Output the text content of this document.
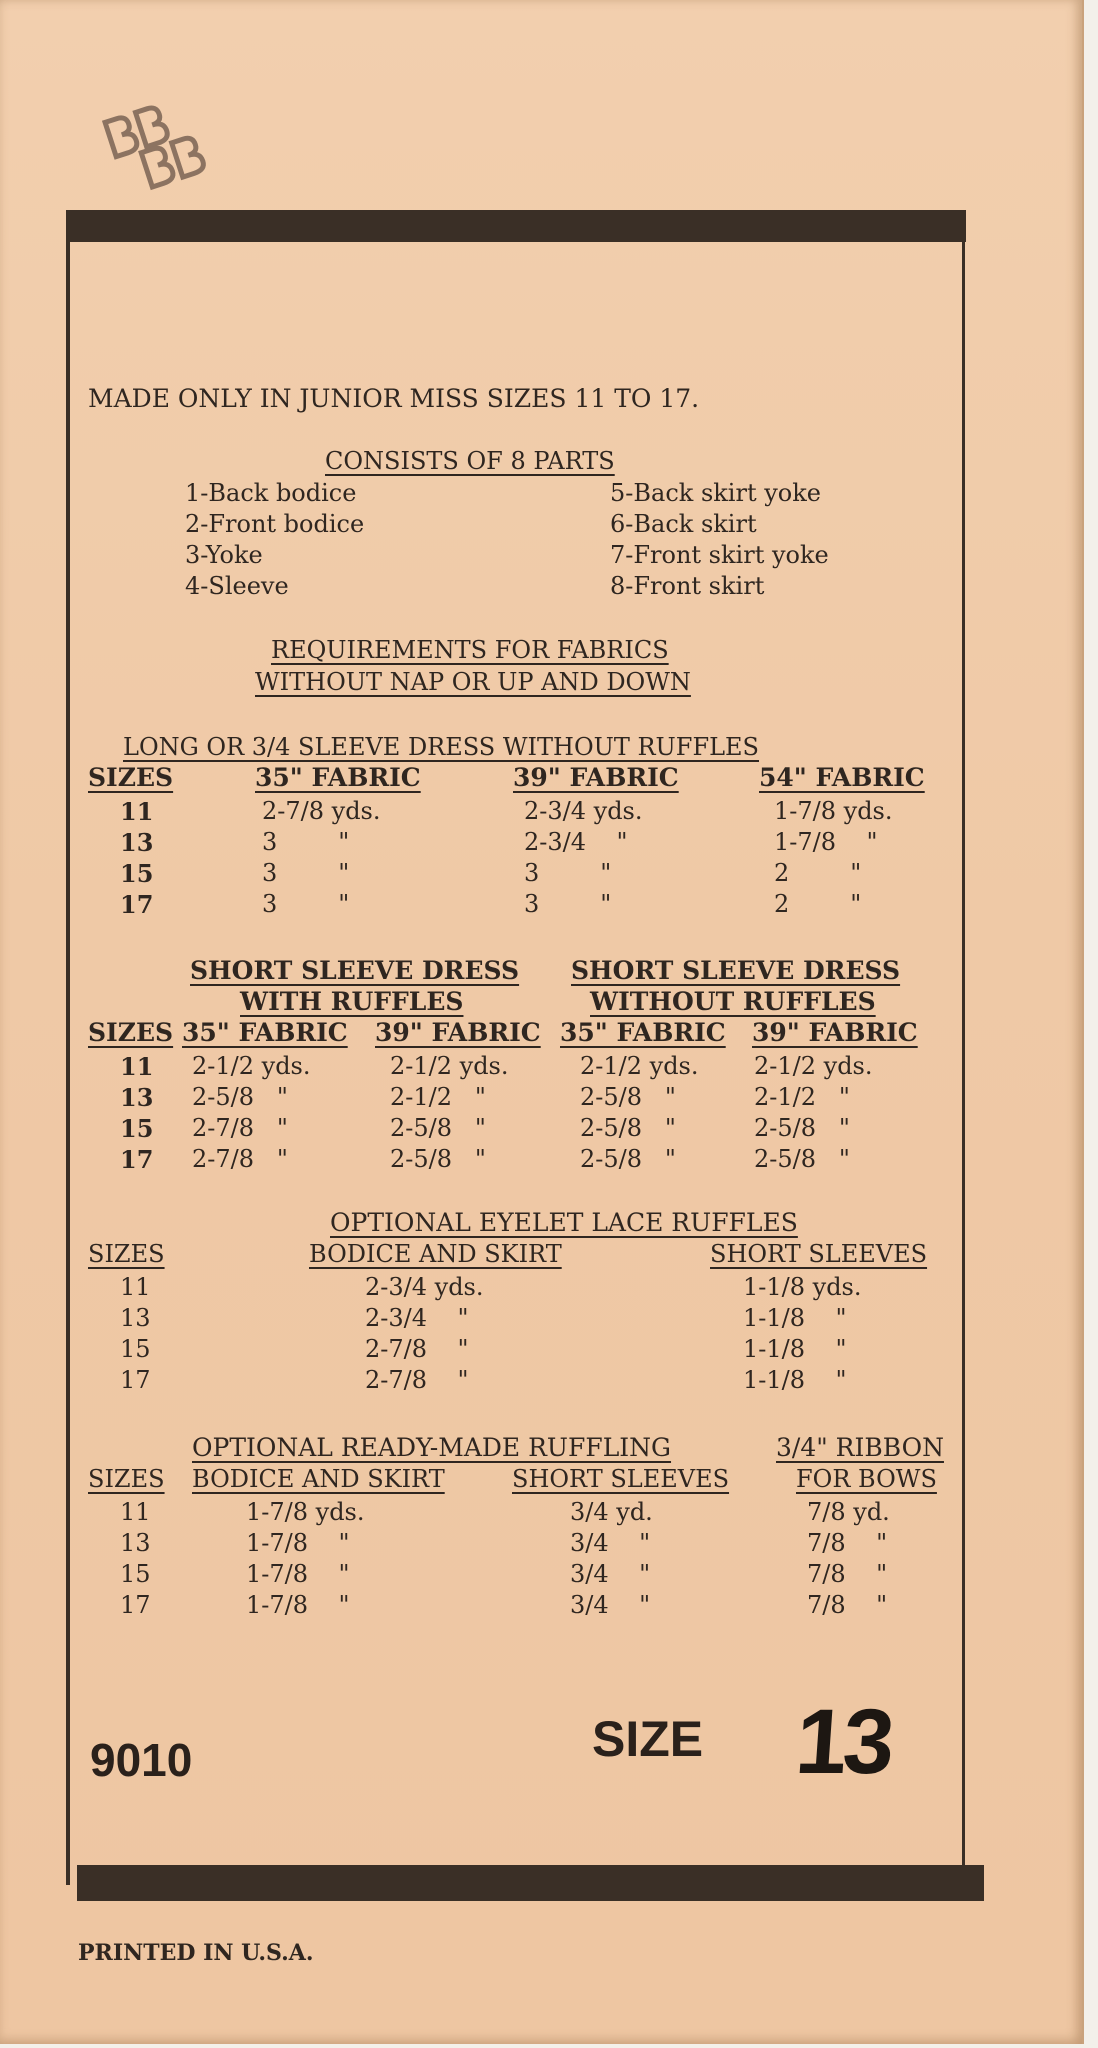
MADE ONLY IN JUNIOR MISS SIZES 11 TO 17.
CONSISTS OF 8 PARTS
1-Back bodice
2-Front bodice
3-Yoke
4-Sleeve
5-Back skirt yoke
6-Back skirt
7-Front skirt yoke
8-Front skirt
REQUIREMENTS FOR FABRICS
WITHOUT NAP OR UP AND DOWN
LONG OR 3/4 SLEEVE DRESS WITHOUT RUFFLES
SIZES	35" FABRIC	39" FABRIC	54" FABRIC
11	2-7/8 yds.	2-3/4 yds.	1-7/8 yds.
13	3        "	2-3/4    "	1-7/8    "
15	3        "	3        "	2        "
17	3        "	3        "	2        "
SHORT SLEEVE DRESS
WITH RUFFLES
SHORT SLEEVE DRESS
WITHOUT RUFFLES
SIZES 35" FABRIC 39" FABRIC 35" FABRIC 39" FABRIC
11	2-1/2 yds.	2-1/2 yds.	2-1/2 yds.	2-1/2 yds.
13	2-5/8   "	2-1/2   "	2-5/8   "	2-1/2   "
15	2-7/8   "	2-5/8   "	2-5/8   "	2-5/8   "
17	2-7/8   "	2-5/8   "	2-5/8   "	2-5/8   "
OPTIONAL EYELET LACE RUFFLES
SIZES	BODICE AND SKIRT	SHORT SLEEVES
11	2-3/4 yds.	1-1/8 yds.
13	2-3/4    "	1-1/8    "
15	2-7/8    "	1-1/8    "
17	2-7/8    "	1-1/8    "
OPTIONAL READY-MADE RUFFLING	3/4" RIBBON
SIZES BODICE AND SKIRT	SHORT SLEEVES	FOR BOWS
11	1-7/8 yds.	3/4 yd.	7/8 yd.
13	1-7/8    "	3/4    "	7/8    "
15	1-7/8    "	3/4    "	7/8    "
17	1-7/8    "	3/4    "	7/8    "
9010	SIZE 13
PRINTED IN U.S.A.
